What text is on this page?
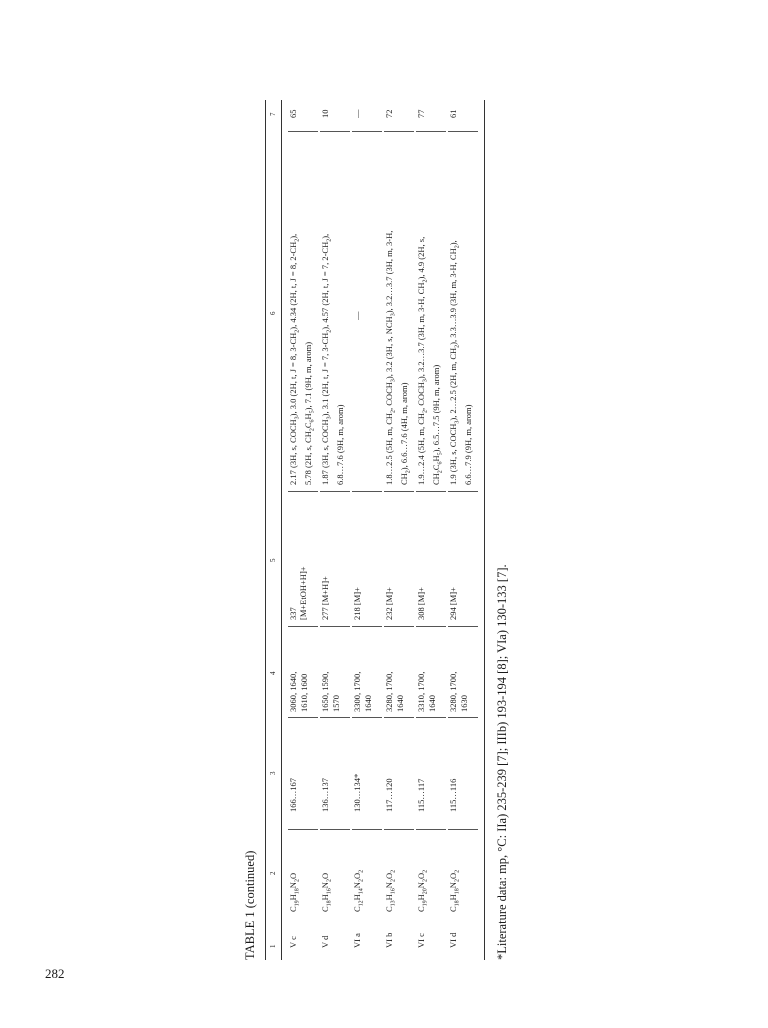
282
TABLE 1 (continued) 1
2
3
4
5
6
7
V c
$C_{19}H_{18}N_2O$
166…167
337
3060, 1640,
1610, 1600
[M+EtOH+H]+
2.17 (3H, s, $COCH_3$), 3.0 (2H, t, J = 8, $3-CH_2$), 4.34 (2H, t, J = 8, $2-CH_2$),
5.78 (2H, s, $CH_2C_6H_5$), 7.1 (9H, m, arom)
65
V d
$C_{18}H_{16}N_2O$
136…137
277 [M+H]+
1650, 1590,
1570
1.87 (3H, s, $COCH_3$), 3.1 (2H, t, J = 7, $3-CH_2$), 4.57 (2H, t, J = 7, $2-CH_2$),
6.8…7.6 (9H, m, arom)
10
VI a
$C_{12}H_{14}N_2O_2$
130…134*
218 [M]+
3300, 1700,
1640
—
—
VI b
$C_{13}H_{16}N_2O_2$
117…120
232 [M]+
3280, 1700,
1640
1.8…2.5 (5H, m, $CH_2$, $COCH_3$), 3.2 (3H, s, $NCH_3$), 3.2…3.7 (3H, m, 3-H,
$CH_2$), 6.6…7.6 (4H, m, arom)
72
VI c
$C_{19}H_{20}N_2O_2$
115…117
308 [M]+
3310, 1700,
1640
1.9…2.4 (5H, m, $CH_2$, $COCH_3$), 3.2…3.7 (3H, m, 3-H, $CH_2$), 4.9 (2H, s,
$CH_2C_6H_5$), 6.5…7.5 (9H, m, arom)
77
VI d
$C_{18}H_{18}N_2O_2$
115…116
294 [M]+
3280, 1700,
1630
1.9 (3H, s, $COCH_3$), 2…2.5 (2H, m, $CH_2$), 3.3…3.9 (3H, m, 3-H, $CH_2$),
6.6…7.9 (9H, m, arom)
61
*Literature data: mp, °C: IIa) 235-239 [7]; IIIb) 193-194 [8]; VIa) 130-133 [7].
